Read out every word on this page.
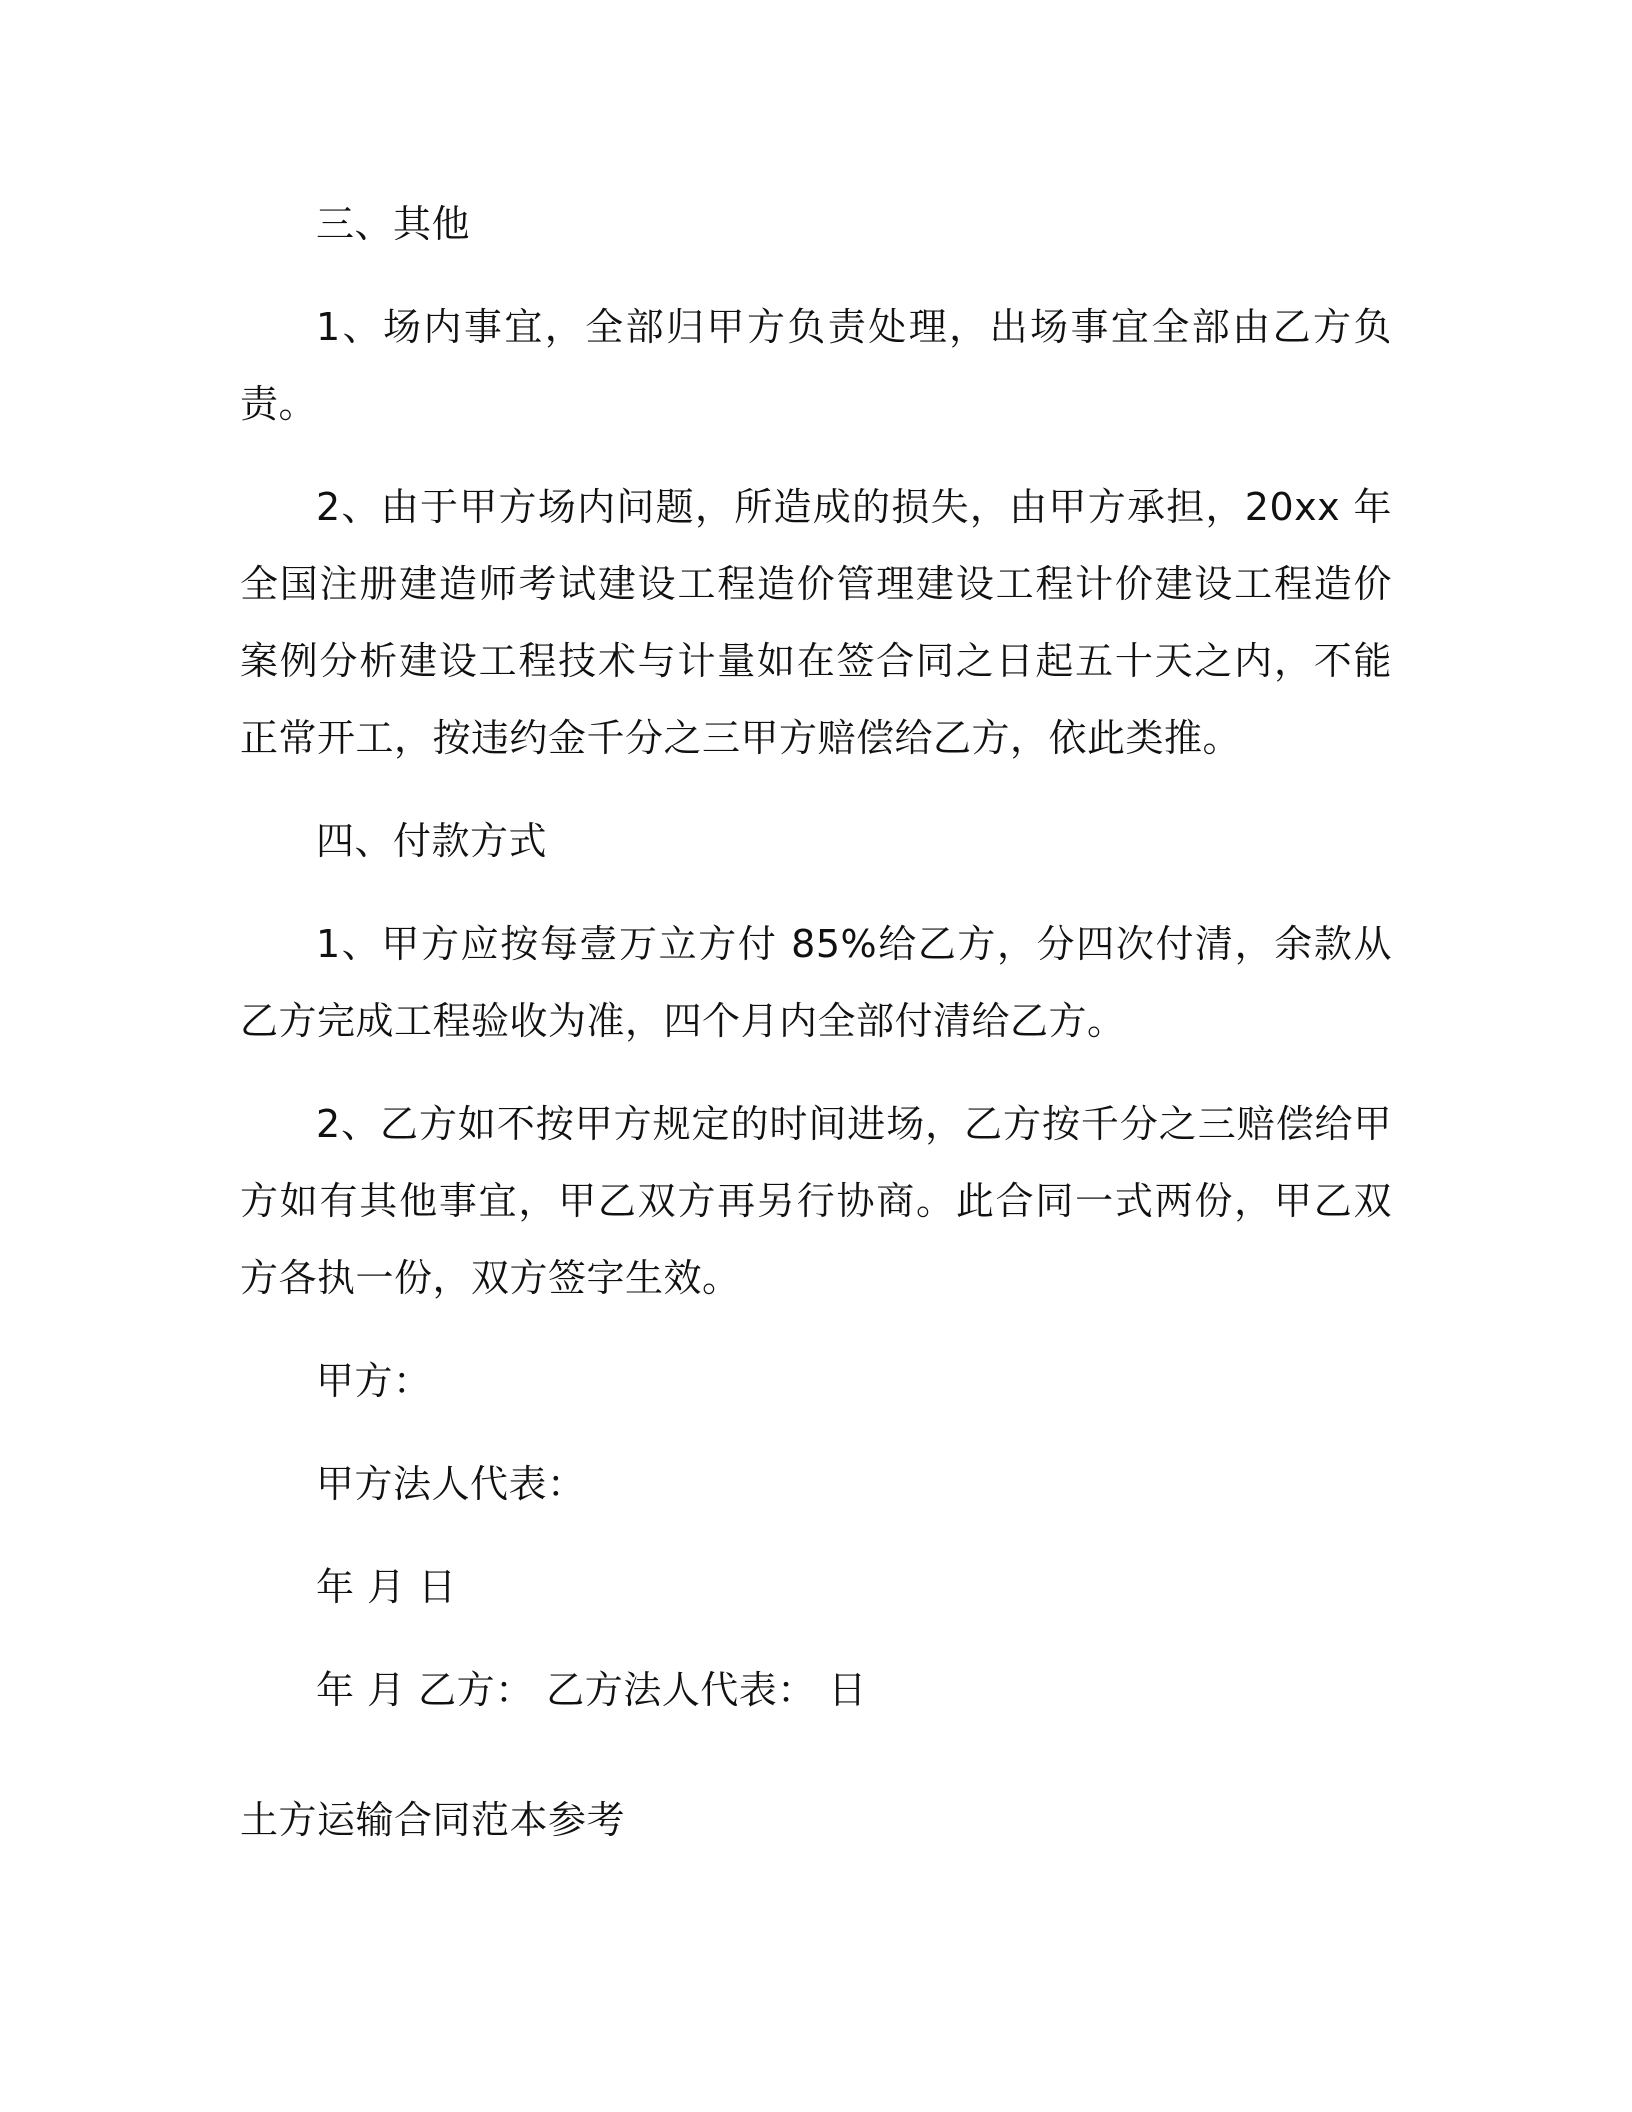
三、其他

1、场内事宜，全部归甲方负责处理，出场事宜全部由乙方负责。

2、由于甲方场内问题，所造成的损失，由甲方承担，20xx 年全国注册建造师考试建设工程造价管理建设工程计价建设工程造价案例分析建设工程技术与计量如在签合同之日起五十天之内，不能正常开工，按违约金千分之三甲方赔偿给乙方，依此类推。

四、付款方式

1、甲方应按每壹万立方付 85%给乙方，分四次付清，余款从乙方完成工程验收为准，四个月内全部付清给乙方。

2、乙方如不按甲方规定的时间进场，乙方按千分之三赔偿给甲方如有其他事宜，甲乙双方再另行协商。此合同一式两份，甲乙双方各执一份，双方签字生效。

甲方：

甲方法人代表：

年 月 日

年 月 乙方： 乙方法人代表： 日

土方运输合同范本参考
